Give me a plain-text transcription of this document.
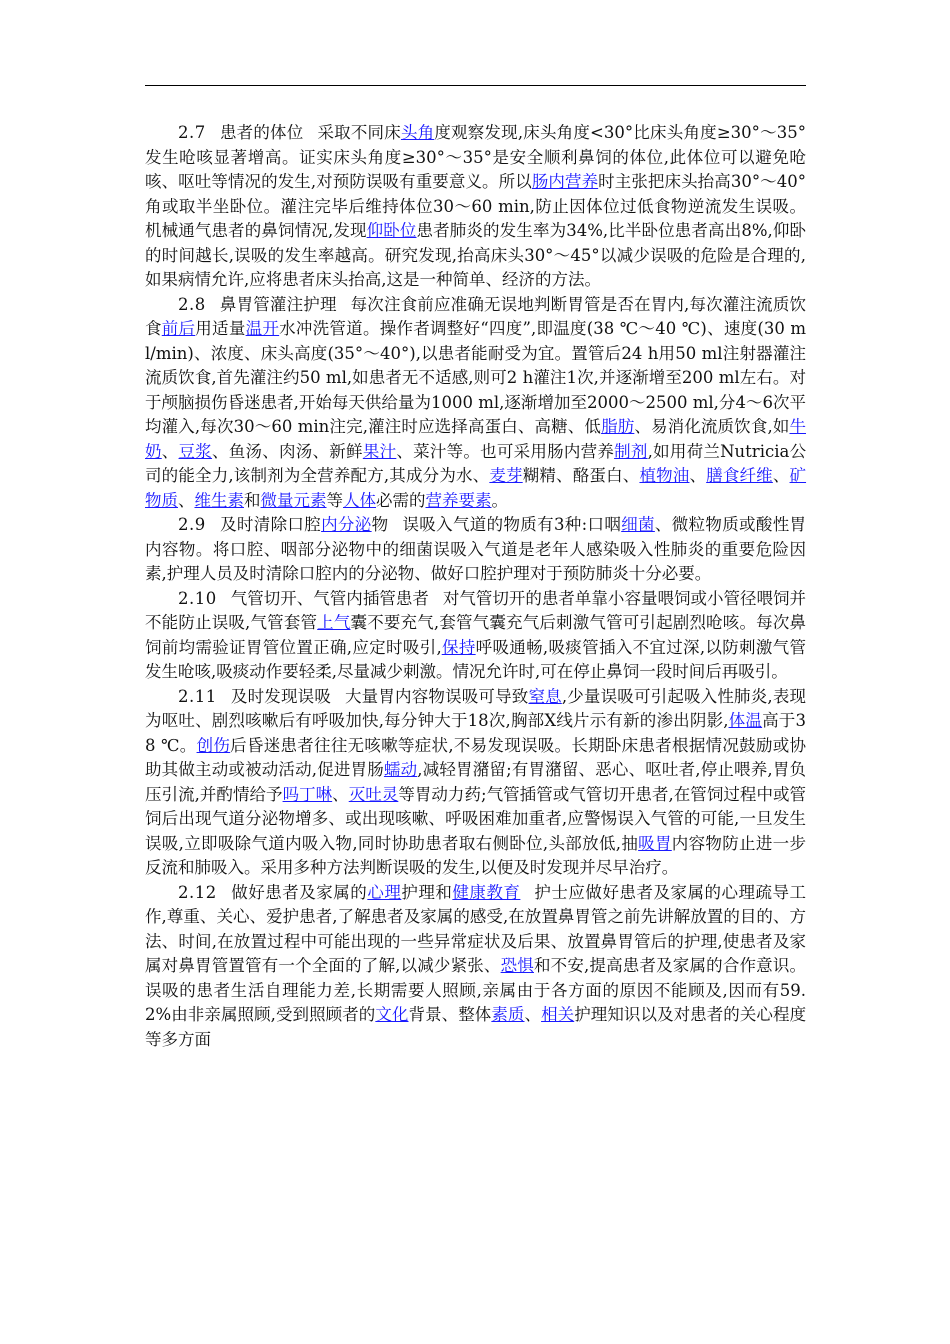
2.7 患者的体位 采取不同床头角度观察发现,床头角度<30°比床头角度≥30°～35°发生呛咳显著增高。证实床头角度≥30°～35°是安全顺利鼻饲的体位,此体位可以避免呛咳、呕吐等情况的发生,对预防误吸有重要意义。所以肠内营养时主张把床头抬高30°～40°角或取半坐卧位。灌注完毕后维持体位30～60 min,防止因体位过低食物逆流发生误吸。机械通气患者的鼻饲情况,发现仰卧位患者肺炎的发生率为34%,比半卧位患者高出8%,仰卧的时间越长,误吸的发生率越高。研究发现,抬高床头30°～45°以减少误吸的危险是合理的,如果病情允许,应将患者床头抬高,这是一种简单、经济的方法。

2.8 鼻胃管灌注护理 每次注食前应准确无误地判断胃管是否在胃内,每次灌注流质饮食前后用适量温开水冲洗管道。操作者调整好“四度”,即温度(38 ℃～40 ℃)、速度(30 ml/min)、浓度、床头高度(35°～40°),以患者能耐受为宜。置管后24 h用50 ml注射器灌注流质饮食,首先灌注约50 ml,如患者无不适感,则可2 h灌注1次,并逐渐增至200 ml左右。对于颅脑损伤昏迷患者,开始每天供给量为1000 ml,逐渐增加至2000～2500 ml,分4～6次平均灌入,每次30～60 min注完,灌注时应选择高蛋白、高糖、低脂肪、易消化流质饮食,如牛奶、豆浆、鱼汤、肉汤、新鲜果汁、菜汁等。也可采用肠内营养制剂,如用荷兰Nutricia公司的能全力,该制剂为全营养配方,其成分为水、麦芽糊精、酪蛋白、植物油、膳食纤维、矿物质、维生素和微量元素等人体必需的营养要素。

2.9 及时清除口腔内分泌物 误吸入气道的物质有3种:口咽细菌、微粒物质或酸性胃内容物。将口腔、咽部分泌物中的细菌误吸入气道是老年人感染吸入性肺炎的重要危险因素,护理人员及时清除口腔内的分泌物、做好口腔护理对于预防肺炎十分必要。

2.10 气管切开、气管内插管患者 对气管切开的患者单靠小容量喂饲或小管径喂饲并不能防止误吸,气管套管上气囊不要充气,套管气囊充气后刺激气管可引起剧烈呛咳。每次鼻饲前均需验证胃管位置正确,应定时吸引,保持呼吸通畅,吸痰管插入不宜过深,以防刺激气管发生呛咳,吸痰动作要轻柔,尽量减少刺激。情况允许时,可在停止鼻饲一段时间后再吸引。

2.11 及时发现误吸 大量胃内容物误吸可导致窒息,少量误吸可引起吸入性肺炎,表现为呕吐、剧烈咳嗽后有呼吸加快,每分钟大于18次,胸部X线片示有新的渗出阴影,体温高于38 ℃。创伤后昏迷患者往往无咳嗽等症状,不易发现误吸。长期卧床患者根据情况鼓励或协助其做主动或被动活动,促进胃肠蠕动,减轻胃潴留;有胃潴留、恶心、呕吐者,停止喂养,胃负压引流,并酌情给予吗丁啉、灭吐灵等胃动力药;气管插管或气管切开患者,在管饲过程中或管饲后出现气道分泌物增多、或出现咳嗽、呼吸困难加重者,应警惕误入气管的可能,一旦发生误吸,立即吸除气道内吸入物,同时协助患者取右侧卧位,头部放低,抽吸胃内容物防止进一步反流和肺吸入。采用多种方法判断误吸的发生,以便及时发现并尽早治疗。

2.12 做好患者及家属的心理护理和健康教育 护士应做好患者及家属的心理疏导工作,尊重、关心、爱护患者,了解患者及家属的感受,在放置鼻胃管之前先讲解放置的目的、方法、时间,在放置过程中可能出现的一些异常症状及后果、放置鼻胃管后的护理,使患者及家属对鼻胃管置管有一个全面的了解,以减少紧张、恐惧和不安,提高患者及家属的合作意识。误吸的患者生活自理能力差,长期需要人照顾,亲属由于各方面的原因不能顾及,因而有59.2%由非亲属照顾,受到照顾者的文化背景、整体素质、相关护理知识以及对患者的关心程度等多方面
